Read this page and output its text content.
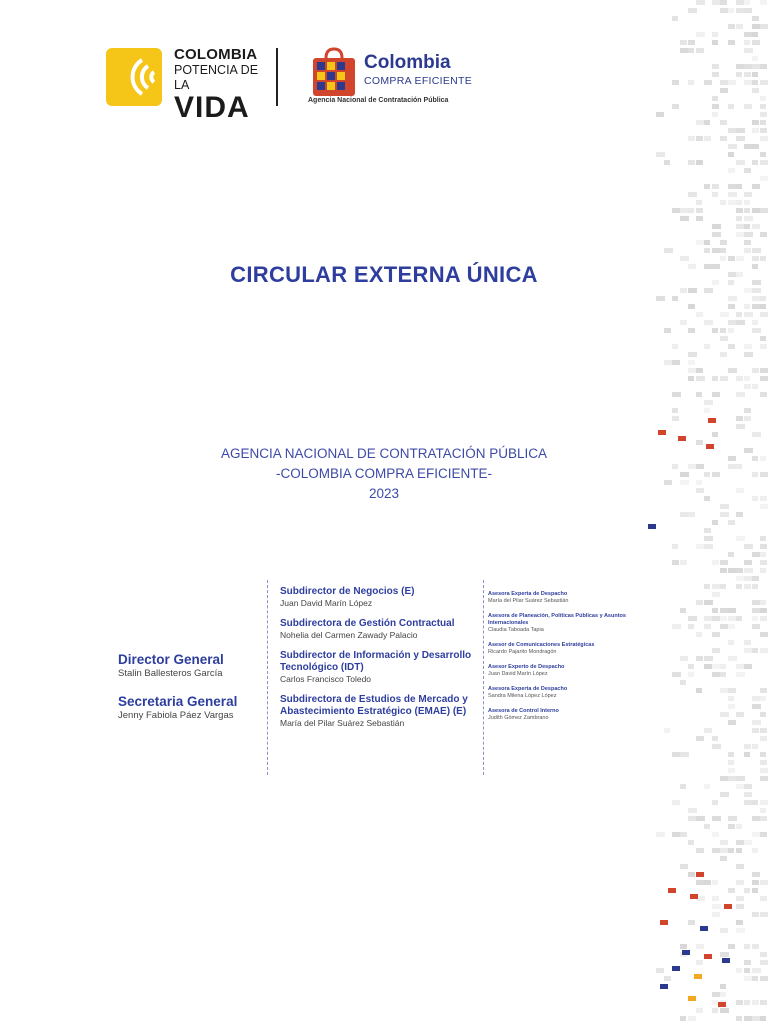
COLOMBIA
POTENCIA DE LA
VIDA
Colombia
COMPRA EFICIENTE
Agencia Nacional de Contratación Pública
CIRCULAR EXTERNA ÚNICA
AGENCIA NACIONAL DE CONTRATACIÓN PÚBLICA
-COLOMBIA COMPRA EFICIENTE-
2023
Director General
Stalin Ballesteros García
Secretaria General
Jenny Fabiola Páez Vargas
Subdirector de Negocios (E)
Juan David Marín López
Subdirectora de Gestión Contractual
Nohelia del Carmen Zawady Palacio
Subdirector de Información y Desarrollo Tecnológico (IDT)
Carlos Francisco Toledo
Subdirectora de Estudios de Mercado y Abastecimiento Estratégico (EMAE) (E)
María del Pilar Suárez Sebastián
Asesora Experta de Despacho
María del Pilar Suárez Sebastián
Asesora de Planeación, Políticas Públicas y Asuntos Internacionales
Claudia Taboada Tapia
Asesor de Comunicaciones Estratégicas
Ricardo Pajarito Mondragón
Asesor Experto de Despacho
Juan David Marín López
Asesora Experta de Despacho
Sandra Milena López López
Asesora de Control Interno
Judith Gómez Zambrano
